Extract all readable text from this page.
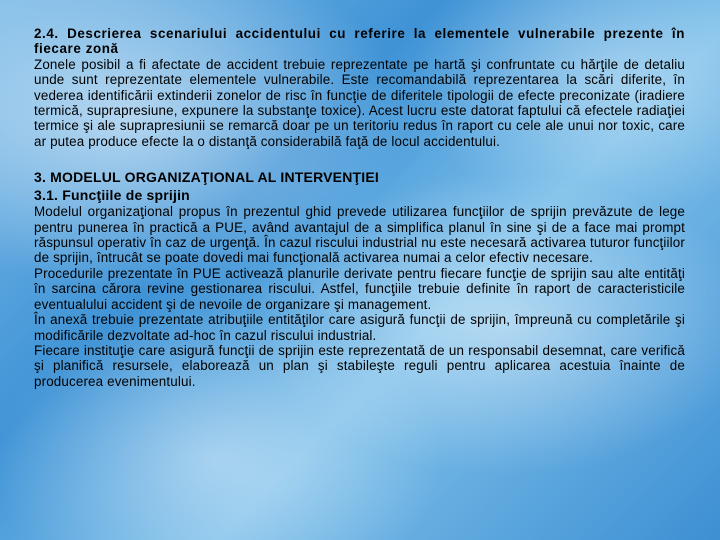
2.4. Descrierea scenariului accidentului cu referire la elementele vulnerabile prezente în fiecare zonă

Zonele posibil a fi afectate de accident trebuie reprezentate pe hartă şi confruntate cu hărţile de detaliu unde sunt reprezentate elementele vulnerabile. Este recomandabilă reprezentarea la scări diferite, în vederea identificării extinderii zonelor de risc în funcţie de diferitele tipologii de efecte preconizate (iradiere termică, suprapresiune, expunere la substanţe toxice). Acest lucru este datorat faptului că efectele radiaţiei termice şi ale suprapresiunii se remarcă doar pe un teritoriu redus în raport cu cele ale unui nor toxic, care ar putea produce efecte la o distanţă considerabilă faţă de locul accidentului.

3. MODELUL ORGANIZAŢIONAL AL INTERVENŢIEI

3.1. Funcţiile de sprijin

Modelul organizaţional propus în prezentul ghid prevede utilizarea funcţiilor de sprijin prevăzute de lege pentru punerea în practică a PUE, având avantajul de a simplifica planul în sine şi de a face mai prompt răspunsul operativ în caz de urgenţă. În cazul riscului industrial nu este necesară activarea tuturor funcţiilor de sprijin, întrucât se poate dovedi mai funcţională activarea numai a celor efectiv necesare.

Procedurile prezentate în PUE activează planurile derivate pentru fiecare funcţie de sprijin sau alte entităţi în sarcina cărora revine gestionarea riscului. Astfel, funcţiile trebuie definite în raport de caracteristicile eventualului accident şi de nevoile de organizare şi management.

În anexă trebuie prezentate atribuţiile entităţilor care asigură funcţii de sprijin, împreună cu completările şi modificările dezvoltate ad-hoc în cazul riscului industrial.

Fiecare instituţie care asigură funcţii de sprijin este reprezentată de un responsabil desemnat, care verifică şi planifică resursele, elaborează un plan şi stabileşte reguli pentru aplicarea acestuia înainte de producerea evenimentului.
